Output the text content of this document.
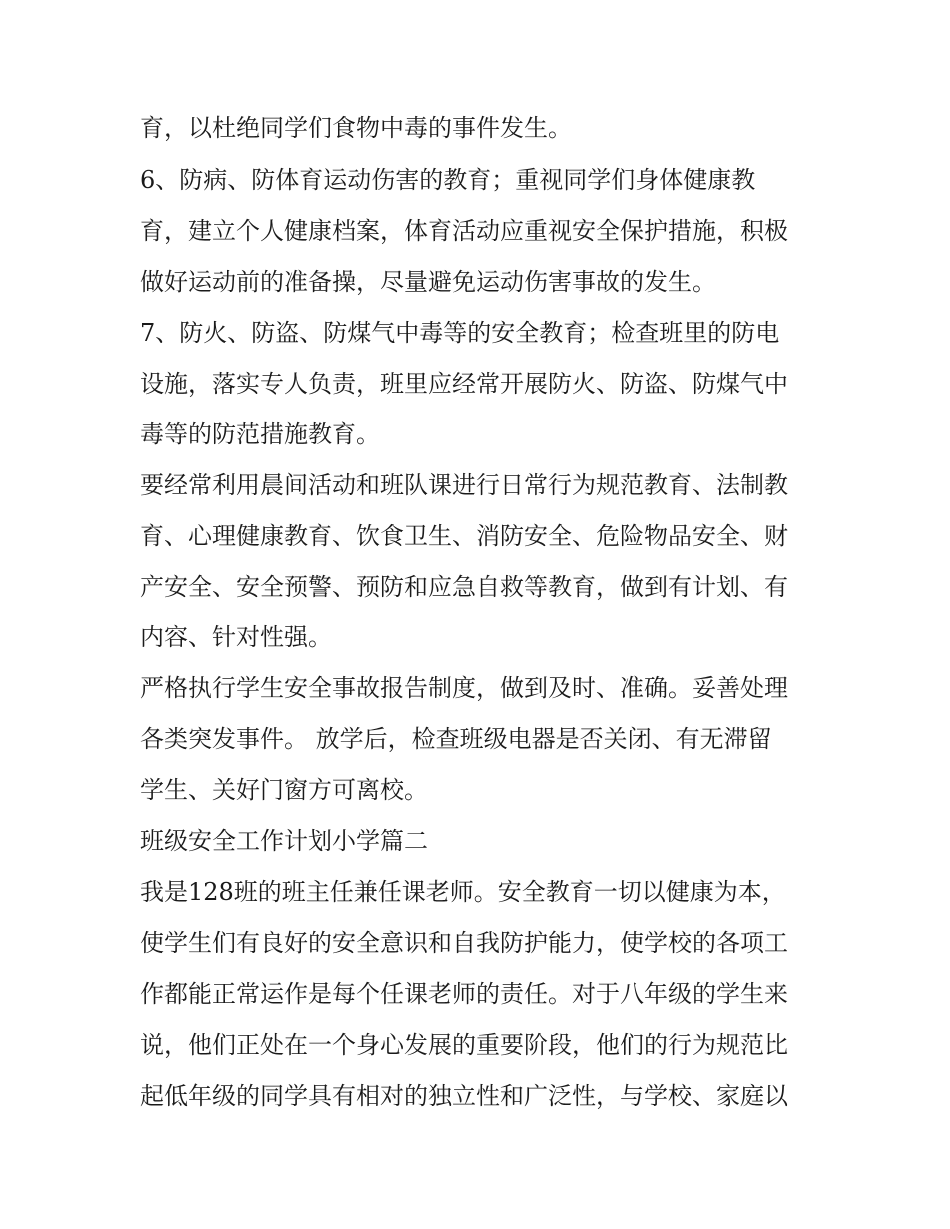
育，以杜绝同学们食物中毒的事件发生。
6、防病、防体育运动伤害的教育；重视同学们身体健康教
育，建立个人健康档案，体育活动应重视安全保护措施，积极
做好运动前的准备操，尽量避免运动伤害事故的发生。
7、防火、防盗、防煤气中毒等的安全教育；检查班里的防电
设施，落实专人负责，班里应经常开展防火、防盗、防煤气中
毒等的防范措施教育。
要经常利用晨间活动和班队课进行日常行为规范教育、法制教
育、心理健康教育、饮食卫生、消防安全、危险物品安全、财
产安全、安全预警、预防和应急自救等教育，做到有计划、有
内容、针对性强。
严格执行学生安全事故报告制度，做到及时、准确。妥善处理
各类突发事件。 放学后，检查班级电器是否关闭、有无滞留
学生、关好门窗方可离校。
班级安全工作计划小学篇二
我是128班的班主任兼任课老师。安全教育一切以健康为本，
使学生们有良好的安全意识和自我防护能力，使学校的各项工
作都能正常运作是每个任课老师的责任。对于八年级的学生来
说，他们正处在一个身心发展的重要阶段，他们的行为规范比
起低年级的同学具有相对的独立性和广泛性，与学校、家庭以
